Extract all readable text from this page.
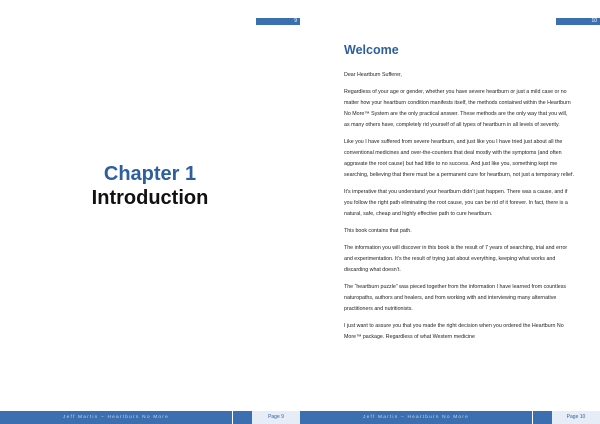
9
Chapter 1
Introduction
Jeff Martin – Heartburn No More	Page 9
10
Welcome

Dear Heartburn Sufferer,

Regardless of your age or gender, whether you have severe heartburn or just a mild case or no matter how your heartburn condition manifests itself, the methods contained within the Heartburn No More™ System are the only practical answer. These methods are the only way that you will, as many others have, completely rid yourself of all types of heartburn in all levels of severity.

Like you I have suffered from severe heartburn, and just like you I have tried just about all the conventional medicines and over-the-counters that deal mostly with the symptoms (and often aggravate the root cause) but had little to no success. And just like you, something kept me searching, believing that there must be a permanent cure for heartburn, not just a temporary relief.

It’s imperative that you understand your heartburn didn’t just happen. There was a cause, and if you follow the right path eliminating the root cause, you can be rid of it forever. In fact, there is a natural, safe, cheap and highly effective path to cure heartburn.

This book contains that path.

The information you will discover in this book is the result of 7 years of searching, trial and error and experimentation. It’s the result of trying just about everything, keeping what works and discarding what doesn’t.

The “heartburn puzzle” was pieced together from the information I have learned from countless naturopaths, authors and healers, and from working with and interviewing many alternative practitioners and nutritionists.

I just want to assure you that you made the right decision when you ordered the Heartburn No More™ package. Regardless of what Western medicine

Jeff Martin – Heartburn No More	Page 10
